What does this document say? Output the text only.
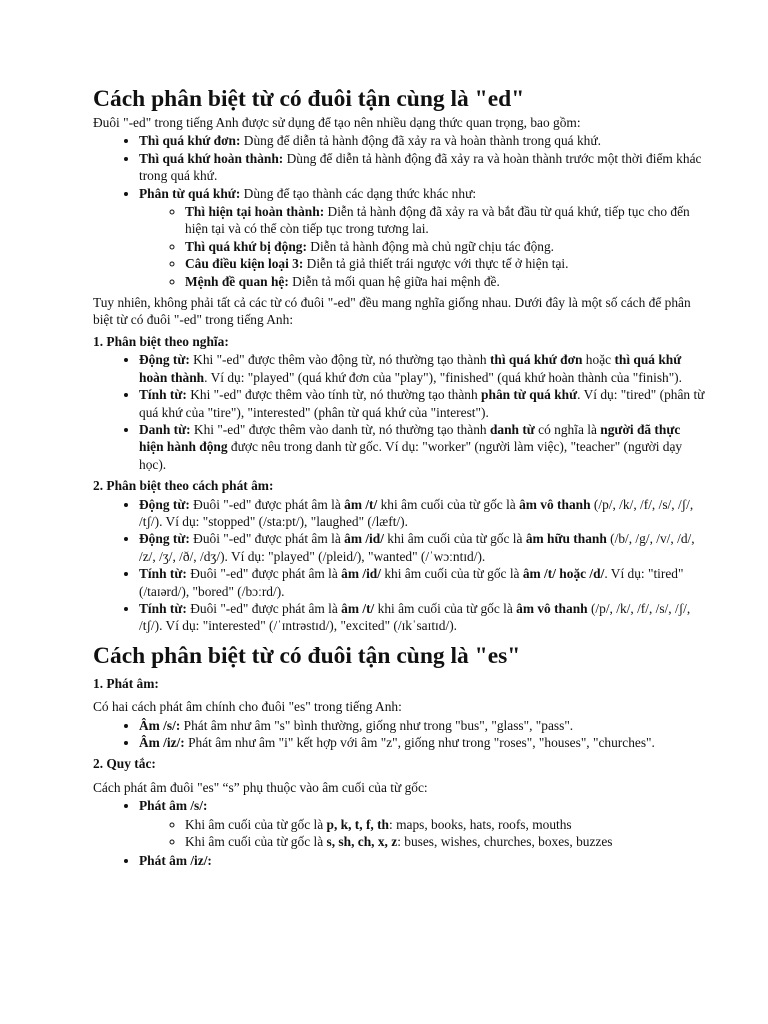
Cách phân biệt từ có đuôi tận cùng là "ed"

Đuôi "-ed" trong tiếng Anh được sử dụng để tạo nên nhiều dạng thức quan trọng, bao gồm:

• Thì quá khứ đơn: Dùng để diễn tả hành động đã xảy ra và hoàn thành trong quá khứ.
• Thì quá khứ hoàn thành: Dùng để diễn tả hành động đã xảy ra và hoàn thành trước một thời điểm khác trong quá khứ.
• Phân từ quá khứ: Dùng để tạo thành các dạng thức khác như:
◦ Thì hiện tại hoàn thành: Diễn tả hành động đã xảy ra và bắt đầu từ quá khứ, tiếp tục cho đến hiện tại và có thể còn tiếp tục trong tương lai.
◦ Thì quá khứ bị động: Diễn tả hành động mà chủ ngữ chịu tác động.
◦ Câu điều kiện loại 3: Diễn tả giả thiết trái ngược với thực tế ở hiện tại.
◦ Mệnh đề quan hệ: Diễn tả mối quan hệ giữa hai mệnh đề.

Tuy nhiên, không phải tất cả các từ có đuôi "-ed" đều mang nghĩa giống nhau. Dưới đây là một số cách để phân biệt từ có đuôi "-ed" trong tiếng Anh:

1. Phân biệt theo nghĩa:

• Động từ: Khi "-ed" được thêm vào động từ, nó thường tạo thành thì quá khứ đơn hoặc thì quá khứ hoàn thành. Ví dụ: "played" (quá khứ đơn của "play"), "finished" (quá khứ hoàn thành của "finish").
• Tính từ: Khi "-ed" được thêm vào tính từ, nó thường tạo thành phân từ quá khứ. Ví dụ: "tired" (phân từ quá khứ của "tire"), "interested" (phân từ quá khứ của "interest").
• Danh từ: Khi "-ed" được thêm vào danh từ, nó thường tạo thành danh từ có nghĩa là người đã thực hiện hành động được nêu trong danh từ gốc. Ví dụ: "worker" (người làm việc), "teacher" (người dạy học).

2. Phân biệt theo cách phát âm:

• Động từ: Đuôi "-ed" được phát âm là âm /t/ khi âm cuối của từ gốc là âm vô thanh (/p/, /k/, /f/, /s/, /ʃ/, /tʃ/). Ví dụ: "stopped" (/sta:pt/), "laughed" (/læft/).
• Động từ: Đuôi "-ed" được phát âm là âm /id/ khi âm cuối của từ gốc là âm hữu thanh (/b/, /g/, /v/, /d/, /z/, /ʒ/, /ð/, /dʒ/). Ví dụ: "played" (/pleid/), "wanted" (/ˈwɔːntɪd/).
• Tính từ: Đuôi "-ed" được phát âm là âm /id/ khi âm cuối của từ gốc là âm /t/ hoặc /d/. Ví dụ: "tired" (/taɪərd/), "bored" (/bɔːrd/).
• Tính từ: Đuôi "-ed" được phát âm là âm /t/ khi âm cuối của từ gốc là âm vô thanh (/p/, /k/, /f/, /s/, /ʃ/, /tʃ/). Ví dụ: "interested" (/ˈɪntrəstɪd/), "excited" (/ɪkˈsaɪtɪd/).
Cách phân biệt từ có đuôi tận cùng là "es"

1. Phát âm:

Có hai cách phát âm chính cho đuôi "es" trong tiếng Anh:

• Âm /s/: Phát âm như âm "s" bình thường, giống như trong "bus", "glass", "pass".
• Âm /iz/: Phát âm như âm "i" kết hợp với âm "z", giống như trong "roses", "houses", "churches".

2. Quy tắc:

Cách phát âm đuôi "es" “s” phụ thuộc vào âm cuối của từ gốc:

• Phát âm /s/:
◦ Khi âm cuối của từ gốc là p, k, t, f, th: maps, books, hats, roofs, mouths
◦ Khi âm cuối của từ gốc là s, sh, ch, x, z: buses, wishes, churches, boxes, buzzes
• Phát âm /iz/:
